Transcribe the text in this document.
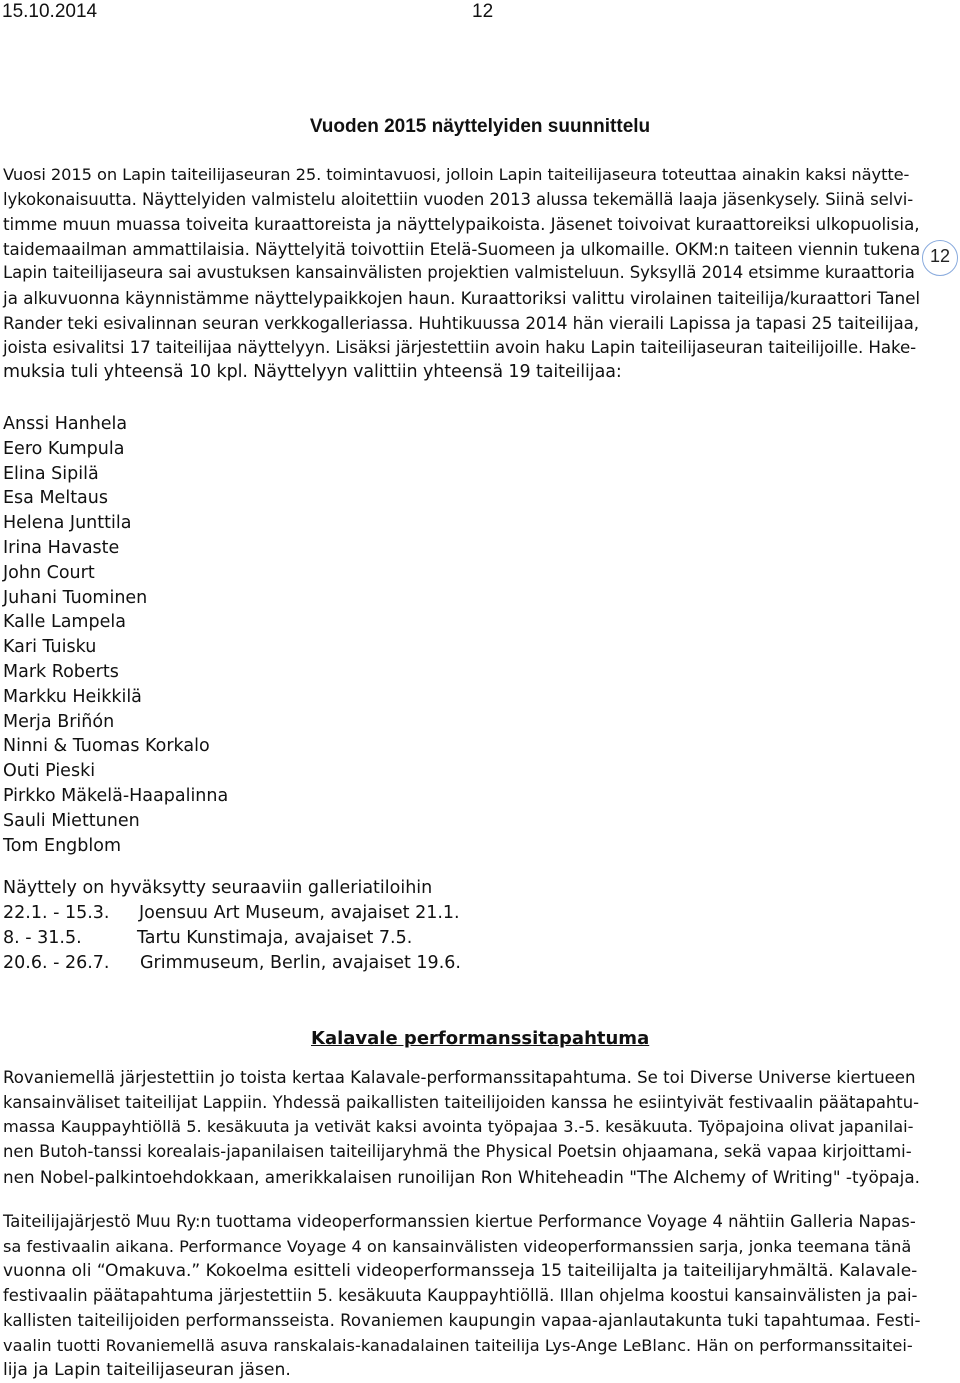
15.10.2014	12
Vuoden 2015 näyttelyiden suunnittelu

Vuosi 2015 on Lapin taiteilijaseuran 25. toimintavuosi, jolloin Lapin taiteilijaseura toteuttaa ainakin kaksi näytte-
lykokonaisuutta. Näyttelyiden valmistelu aloitettiin vuoden 2013 alussa tekemällä laaja jäsenkysely. Siinä selvi-
timme muun muassa toiveita kuraattoreista ja näyttelypaikoista. Jäsenet toivoivat kuraattoreiksi ulkopuolisia,
taidemaailman ammattilaisia. Näyttelyitä toivottiin Etelä-Suomeen ja ulkomaille. OKM:n taiteen viennin tukena
Lapin taiteilijaseura sai avustuksen kansainvälisten projektien valmisteluun. Syksyllä 2014 etsimme kuraattoria
ja alkuvuonna käynnistämme näyttelypaikkojen haun. Kuraattoriksi valittu virolainen taiteilija/kuraattori Tanel
Rander teki esivalinnan seuran verkkogalleriassa. Huhtikuussa 2014 hän vieraili Lapissa ja tapasi 25 taiteilijaa,
joista esivalitsi 17 taiteilijaa näyttelyyn. Lisäksi järjestettiin avoin haku Lapin taiteilijaseuran taiteilijoille. Hake-
muksia tuli yhteensä 10 kpl. Näyttelyyn valittiin yhteensä 19 taiteilijaa:

12
Anssi Hanhela
Eero Kumpula
Elina Sipilä
Esa Meltaus
Helena Junttila
Irina Havaste
John Court
Juhani Tuominen
Kalle Lampela
Kari Tuisku
Mark Roberts
Markku Heikkilä
Merja Briñón
Ninni & Tuomas Korkalo
Outi Pieski
Pirkko Mäkelä-Haapalinna
Sauli Miettunen
Tom Engblom
Näyttely on hyväksytty seuraaviin galleriatiloihin
22.1. - 15.3. Joensuu Art Museum, avajaiset 21.1.
8. - 31.5.	Tartu Kunstimaja, avajaiset 7.5.
20.6. - 26.7. Grimmuseum, Berlin, avajaiset 19.6.
Kalavale performanssitapahtuma

Rovaniemellä järjestettiin jo toista kertaa Kalavale-performanssitapahtuma. Se toi Diverse Universe kiertueen
kansainväliset taiteilijat Lappiin. Yhdessä paikallisten taiteilijoiden kanssa he esiintyivät festivaalin päätapahtu-
massa Kauppayhtiöllä 5. kesäkuuta ja vetivät kaksi avointa työpajaa 3.-5. kesäkuuta. Työpajoina olivat japanilai-
nen Butoh-tanssi korealais-japanilaisen taiteilijaryhmä the Physical Poetsin ohjaamana, sekä vapaa kirjoittami-
nen Nobel-palkintoehdokkaan, amerikkalaisen runoilijan Ron Whiteheadin "The Alchemy of Writing" -työpaja.

Taiteilijajärjestö Muu Ry:n tuottama videoperformanssien kiertue Performance Voyage 4 nähtiin Galleria Napas-
sa festivaalin aikana. Performance Voyage 4 on kansainvälisten videoperformanssien sarja, jonka teemana tänä
vuonna oli “Omakuva.” Kokoelma esitteli videoperformansseja 15 taiteilijalta ja taiteilijaryhmältä. Kalavale-
festivaalin päätapahtuma järjestettiin 5. kesäkuuta Kauppayhtiöllä. Illan ohjelma koostui kansainvälisten ja pai-
kallisten taiteilijoiden performansseista. Rovaniemen kaupungin vapaa-ajanlautakunta tuki tapahtumaa. Festi-
vaalin tuotti Rovaniemellä asuva ranskalais-kanadalainen taiteilija Lys-Ange LeBlanc. Hän on performanssitaitei-
lija ja Lapin taiteilijaseuran jäsen.
